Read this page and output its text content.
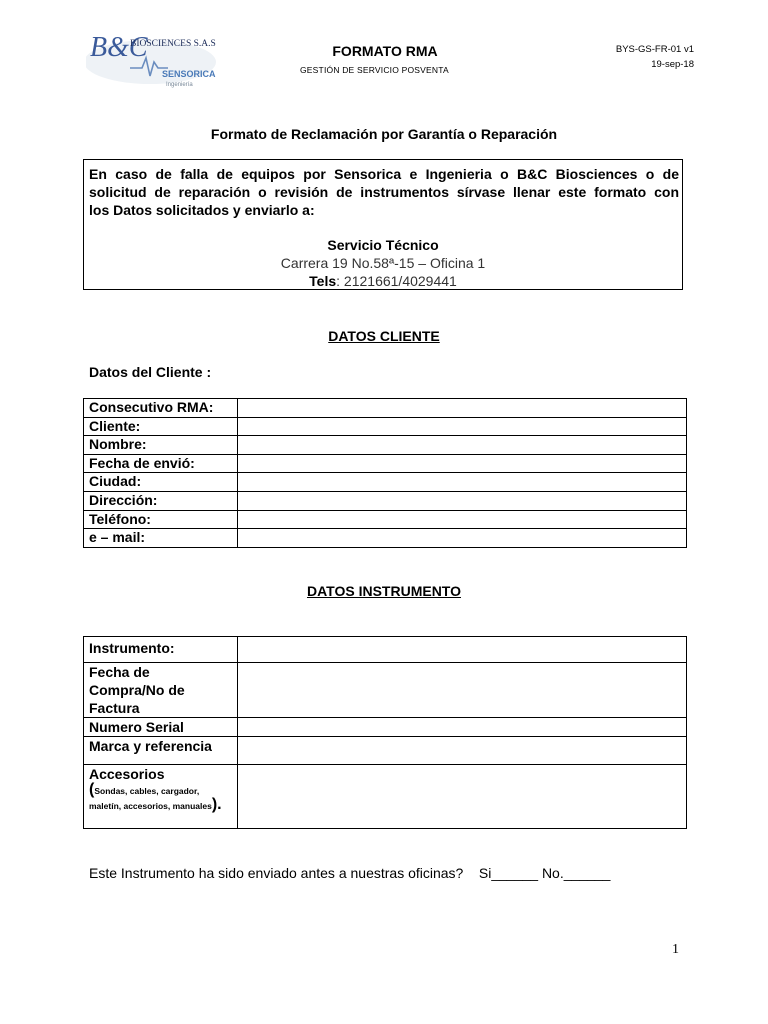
B&C
BIOSCIENCES S.A.S
SENSORICA
Ingeniería
FORMATO RMA
GESTIÓN DE SERVICIO POSVENTA
BYS-GS-FR-01 v1
19-sep-18
Formato de Reclamación por Garantía o Reparación
En caso de falla de equipos por Sensorica e Ingenieria o B&C Biosciences o de
solicitud de reparación o revisión de instrumentos sírvase llenar este formato con
los Datos solicitados y enviarlo a:
Servicio Técnico
Carrera 19 No.58ª-15 – Oficina 1
Tels: 2121661/4029441
DATOS CLIENTE
Datos del Cliente :
Consecutivo RMA:	
Cliente:	
Nombre:	
Fecha de envió:	
Ciudad:	
Dirección:	
Teléfono:	
e – mail:	
DATOS INSTRUMENTO
Instrumento:	
Fecha de Compra/No de Factura	
Numero Serial	
Marca y referencia	

Accesorios
(Sondas, cables, cargador, maletín, accesorios, manuales).	

Este Instrumento ha sido enviado antes a nuestras oficinas?    Si______ No.______
1
